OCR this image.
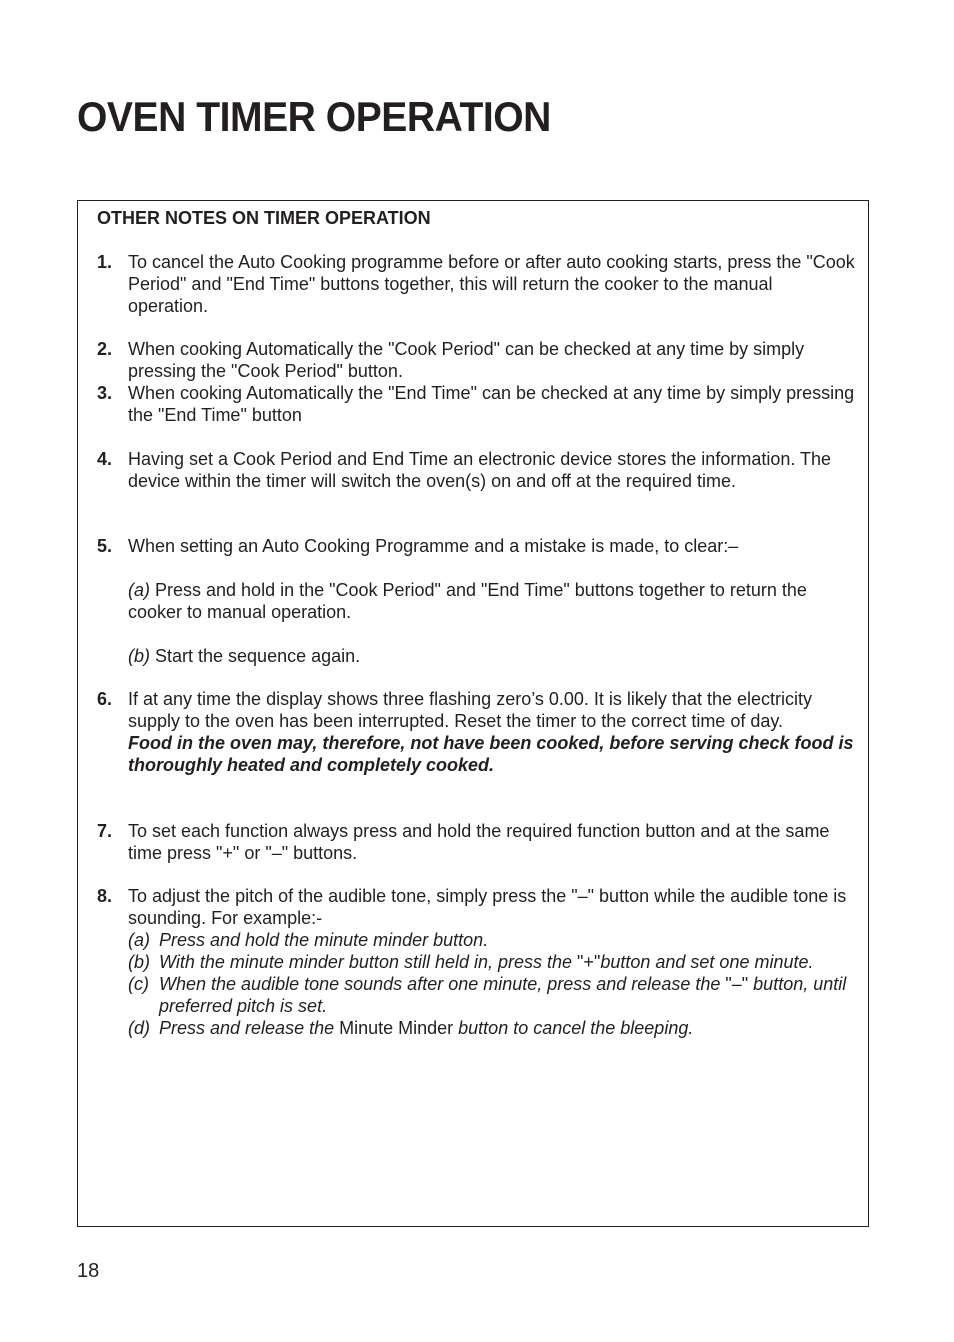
OVEN TIMER OPERATION
OTHER NOTES ON TIMER OPERATION
1. To cancel the Auto Cooking programme before or after auto cooking starts, press the "Cook Period" and "End Time" buttons together, this will return the cooker to the manual operation.
2. When cooking Automatically the "Cook Period" can be checked at any time by simply pressing the "Cook Period" button.
3. When cooking Automatically the "End Time" can be checked at any time by simply pressing the "End Time" button
4. Having set a Cook Period and End Time an electronic device stores the information. The device within the timer will switch the oven(s) on and off at the required time.
5. When setting an Auto Cooking Programme and a mistake is made, to clear:–
(a) Press and hold in the "Cook Period" and "End Time" buttons together to return the cooker to manual operation.
(b) Start the sequence again.
6. If at any time the display shows three flashing zero’s 0.00. It is likely that the electricity supply to the oven has been interrupted. Reset the timer to the correct time of day.
Food in the oven may, therefore, not have been cooked, before serving check food is thoroughly heated and completely cooked.
7. To set each function always press and hold the required function button and at the same time press "+" or "–" buttons.
8. To adjust the pitch of the audible tone, simply press the "–" button while the audible tone is sounding. For example:-
(a) Press and hold the minute minder button.
(b) With the minute minder button still held in, press the "+"button and set one minute.
(c) When the audible tone sounds after one minute, press and release the "–" button, until preferred pitch is set.
(d) Press and release the Minute Minder button to cancel the bleeping.
18
